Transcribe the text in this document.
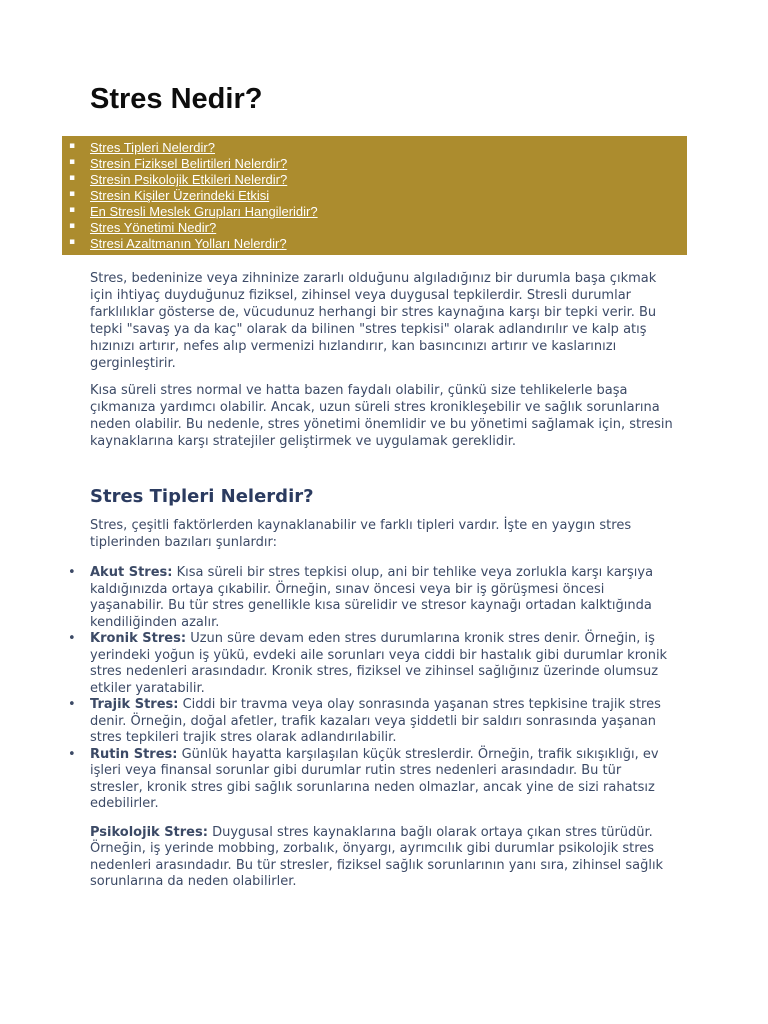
Stres Nedir?
▪ Stres Tipleri Nelerdir?
▪ Stresin Fiziksel Belirtileri Nelerdir?
▪ Stresin Psikolojik Etkileri Nelerdir?
▪ Stresin Kişiler Üzerindeki Etkisi
▪ En Stresli Meslek Grupları Hangileridir?
▪ Stres Yönetimi Nedir?
▪ Stresi Azaltmanın Yolları Nelerdir?

Stres, bedeninize veya zihninize zararlı olduğunu algıladığınız bir durumla başa çıkmak için ihtiyaç duyduğunuz fiziksel, zihinsel veya duygusal tepkilerdir. Stresli durumlar farklılıklar gösterse de, vücudunuz herhangi bir stres kaynağına karşı bir tepki verir. Bu tepki "savaş ya da kaç" olarak da bilinen "stres tepkisi" olarak adlandırılır ve kalp atış hızınızı artırır, nefes alıp vermenizi hızlandırır, kan basıncınızı artırır ve kaslarınızı gerginleştirir.

Kısa süreli stres normal ve hatta bazen faydalı olabilir, çünkü size tehlikelerle başa çıkmanıza yardımcı olabilir. Ancak, uzun süreli stres kronikleşebilir ve sağlık sorunlarına neden olabilir. Bu nedenle, stres yönetimi önemlidir ve bu yönetimi sağlamak için, stresin kaynaklarına karşı stratejiler geliştirmek ve uygulamak gereklidir.

Stres Tipleri Nelerdir?

Stres, çeşitli faktörlerden kaynaklanabilir ve farklı tipleri vardır. İşte en yaygın stres tiplerinden bazıları şunlardır:

• Akut Stres: Kısa süreli bir stres tepkisi olup, ani bir tehlike veya zorlukla karşı karşıya kaldığınızda ortaya çıkabilir. Örneğin, sınav öncesi veya bir iş görüşmesi öncesi yaşanabilir. Bu tür stres genellikle kısa sürelidir ve stresor kaynağı ortadan kalktığında kendiliğinden azalır.
• Kronik Stres: Uzun süre devam eden stres durumlarına kronik stres denir. Örneğin, iş yerindeki yoğun iş yükü, evdeki aile sorunları veya ciddi bir hastalık gibi durumlar kronik stres nedenleri arasındadır. Kronik stres, fiziksel ve zihinsel sağlığınız üzerinde olumsuz etkiler yaratabilir.
• Trajik Stres: Ciddi bir travma veya olay sonrasında yaşanan stres tepkisine trajik stres denir. Örneğin, doğal afetler, trafik kazaları veya şiddetli bir saldırı sonrasında yaşanan stres tepkileri trajik stres olarak adlandırılabilir.
• Rutin Stres: Günlük hayatta karşılaşılan küçük streslerdir. Örneğin, trafik sıkışıklığı, ev işleri veya finansal sorunlar gibi durumlar rutin stres nedenleri arasındadır. Bu tür stresler, kronik stres gibi sağlık sorunlarına neden olmazlar, ancak yine de sizi rahatsız edebilirler.

Psikolojik Stres: Duygusal stres kaynaklarına bağlı olarak ortaya çıkan stres türüdür. Örneğin, iş yerinde mobbing, zorbalık, önyargı, ayrımcılık gibi durumlar psikolojik stres nedenleri arasındadır. Bu tür stresler, fiziksel sağlık sorunlarının yanı sıra, zihinsel sağlık sorunlarına da neden olabilirler.
